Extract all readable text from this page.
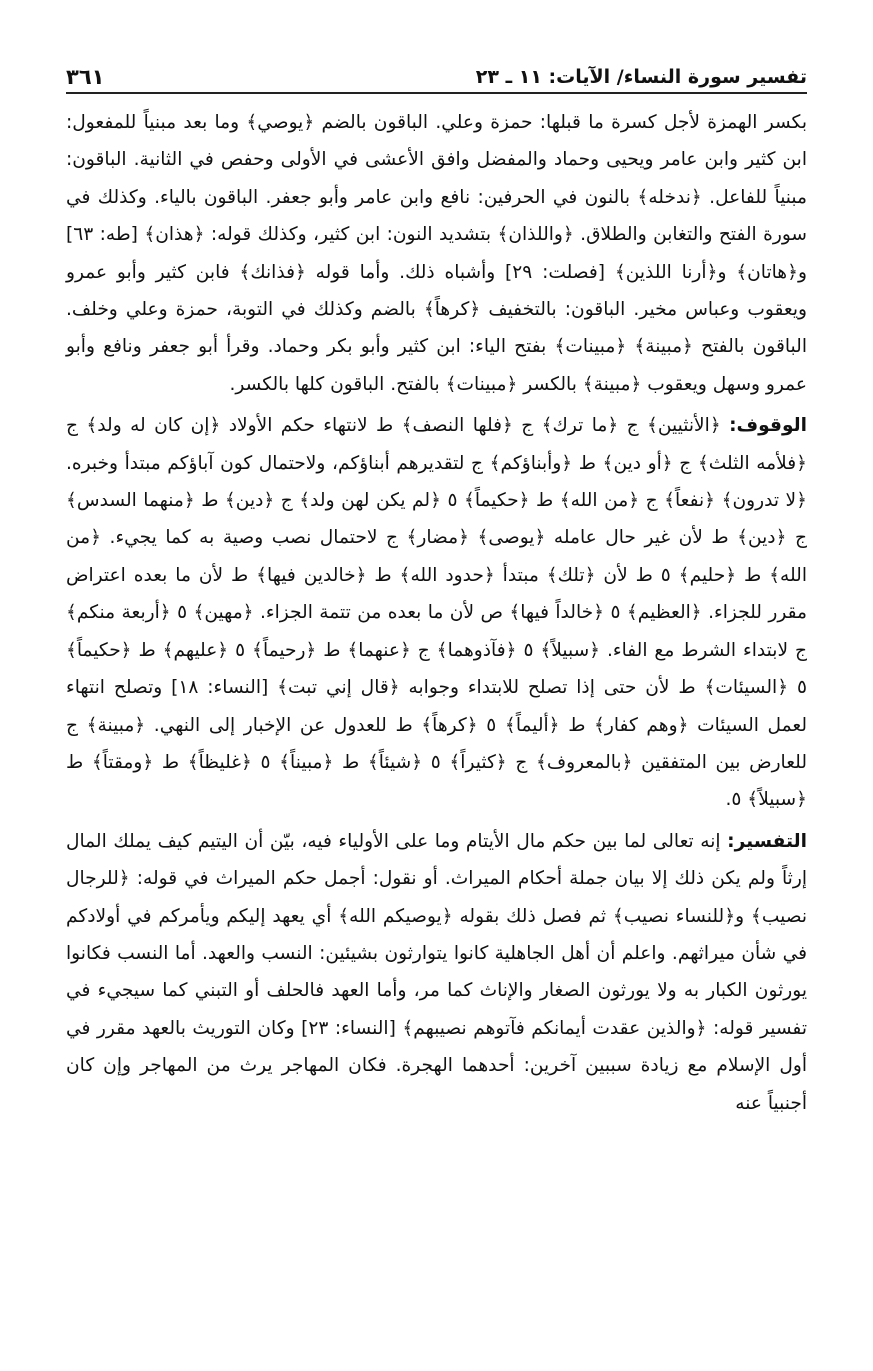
تفسير سورة النساء/ الآيات: ١١ ـ ٢٣
٣٦١

بكسر الهمزة لأجل كسرة ما قبلها: حمزة وعلي. الباقون بالضم ﴿يوصي﴾ وما بعد مبنياً للمفعول: ابن كثير وابن عامر ويحيى وحماد والمفضل وافق الأعشى في الأولى وحفص في الثانية. الباقون: مبنياً للفاعل. ﴿ندخله﴾ بالنون في الحرفين: نافع وابن عامر وأبو جعفر. الباقون بالياء. وكذلك في سورة الفتح والتغابن والطلاق. ﴿واللذان﴾ بتشديد النون: ابن كثير، وكذلك قوله: ﴿هذان﴾ [طه: ٦٣] و﴿هاتان﴾ و﴿أرنا اللذين﴾ [فصلت: ٢٩] وأشباه ذلك. وأما قوله ﴿فذانك﴾ فابن كثير وأبو عمرو ويعقوب وعباس مخير. الباقون: بالتخفيف ﴿كرهاً﴾ بالضم وكذلك في التوبة، حمزة وعلي وخلف. الباقون بالفتح ﴿مبينة﴾ ﴿مبينات﴾ بفتح الياء: ابن كثير وأبو بكر وحماد. وقرأ أبو جعفر ونافع وأبو عمرو وسهل ويعقوب ﴿مبينة﴾ بالكسر ﴿مبينات﴾ بالفتح. الباقون كلها بالكسر.

الوقوف: ﴿الأنثيين﴾ ج ﴿ما ترك﴾ ج ﴿فلها النصف﴾ ط لانتهاء حكم الأولاد ﴿إن كان له ولد﴾ ج ﴿فلأمه الثلث﴾ ج ﴿أو دين﴾ ط ﴿وأبناؤكم﴾ ج لتقديرهم أبناؤكم، ولاحتمال كون آباؤكم مبتدأ وخبره. ﴿لا تدرون﴾ ﴿نفعاً﴾ ج ﴿من الله﴾ ط ﴿حكيماً﴾ ٥ ﴿لم يكن لهن ولد﴾ ج ﴿دين﴾ ط ﴿منهما السدس﴾ ج ﴿دين﴾ ط لأن غير حال عامله ﴿يوصى﴾ ﴿مضار﴾ ج لاحتمال نصب وصية به كما يجيء. ﴿من الله﴾ ط ﴿حليم﴾ ٥ ط لأن ﴿تلك﴾ مبتدأ ﴿حدود الله﴾ ط ﴿خالدين فيها﴾ ط لأن ما بعده اعتراض مقرر للجزاء. ﴿العظيم﴾ ٥ ﴿خالداً فيها﴾ ص لأن ما بعده من تتمة الجزاء. ﴿مهين﴾ ٥ ﴿أربعة منكم﴾ ج لابتداء الشرط مع الفاء. ﴿سبيلاً﴾ ٥ ﴿فآذوهما﴾ ج ﴿عنهما﴾ ط ﴿رحيماً﴾ ٥ ﴿عليهم﴾ ط ﴿حكيماً﴾ ٥ ﴿السيئات﴾ ط لأن حتى إذا تصلح للابتداء وجوابه ﴿قال إني تبت﴾ [النساء: ١٨] وتصلح انتهاء لعمل السيئات ﴿وهم كفار﴾ ط ﴿أليماً﴾ ٥ ﴿كرهاً﴾ ط للعدول عن الإخبار إلى النهي. ﴿مبينة﴾ ج للعارض بين المتفقين ﴿بالمعروف﴾ ج ﴿كثيراً﴾ ٥ ﴿شيئاً﴾ ط ﴿مبيناً﴾ ٥ ﴿غليظاً﴾ ط ﴿ومقتاً﴾ ط ﴿سبيلاً﴾ ٥.

التفسير: إنه تعالى لما بين حكم مال الأيتام وما على الأولياء فيه، بيّن أن اليتيم كيف يملك المال إرثاً ولم يكن ذلك إلا بيان جملة أحكام الميراث. أو نقول: أجمل حكم الميراث في قوله: ﴿للرجال نصيب﴾ و﴿للنساء نصيب﴾ ثم فصل ذلك بقوله ﴿يوصيكم الله﴾ أي يعهد إليكم ويأمركم في أولادكم في شأن ميراثهم. واعلم أن أهل الجاهلية كانوا يتوارثون بشيئين: النسب والعهد. أما النسب فكانوا يورثون الكبار به ولا يورثون الصغار والإناث كما مر، وأما العهد فالحلف أو التبني كما سيجيء في تفسير قوله: ﴿والذين عقدت أيمانكم فآتوهم نصيبهم﴾ [النساء: ٢٣] وكان التوريث بالعهد مقرر في أول الإسلام مع زيادة سببين آخرين: أحدهما الهجرة. فكان المهاجر يرث من المهاجر وإن كان أجنبياً عنه
